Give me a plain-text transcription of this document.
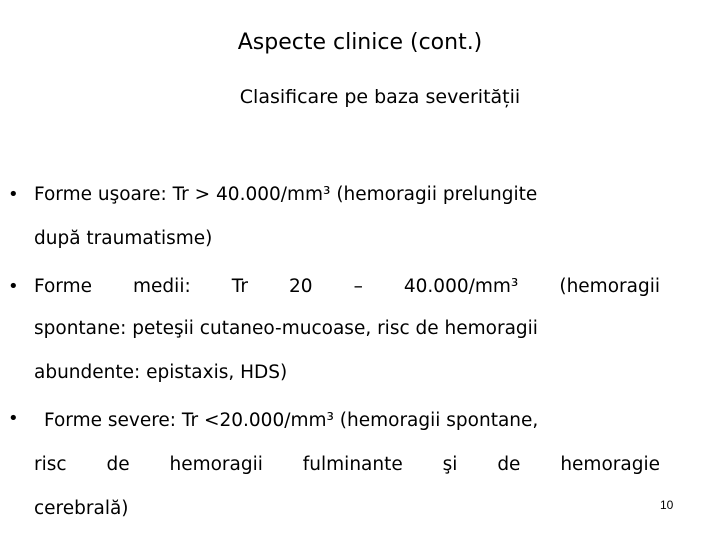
Aspecte clinice (cont.)
Clasificare pe baza severității
• Forme uşoare: Tr > 40.000/mm³ (hemoragii prelungite
după traumatisme)
• Forme medii: Tr 20 – 40.000/mm³ (hemoragii
spontane: peteşii cutaneo-mucoase, risc de hemoragii
abundente: epistaxis, HDS)
•	Forme severe: Tr <20.000/mm³ (hemoragii spontane,
risc de hemoragii fulminante şi de hemoragie
cerebrală)	10
